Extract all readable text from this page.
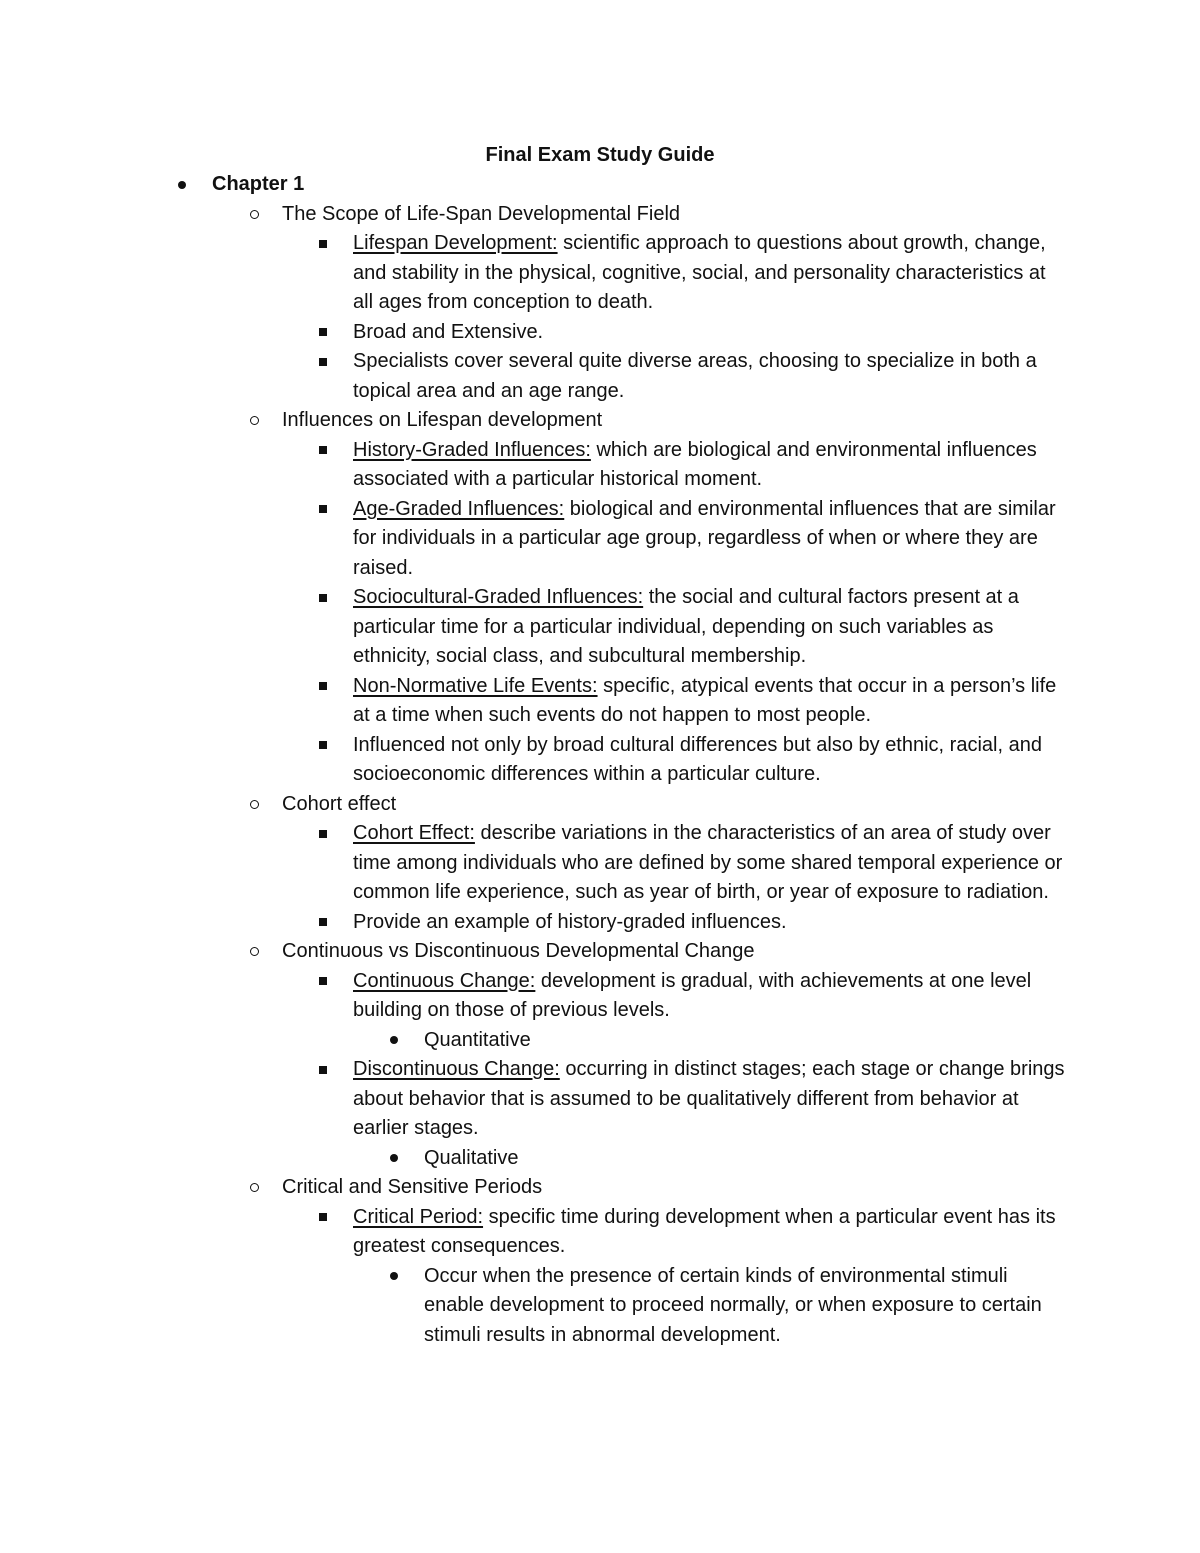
Final Exam Study Guide
Chapter 1
The Scope of Life-Span Developmental Field
Lifespan Development: scientific approach to questions about growth, change, and stability in the physical, cognitive, social, and personality characteristics at all ages from conception to death.
Broad and Extensive.
Specialists cover several quite diverse areas, choosing to specialize in both a topical area and an age range.
Influences on Lifespan development
History-Graded Influences: which are biological and environmental influences associated with a particular historical moment.
Age-Graded Influences: biological and environmental influences that are similar for individuals in a particular age group, regardless of when or where they are raised.
Sociocultural-Graded Influences: the social and cultural factors present at a particular time for a particular individual, depending on such variables as ethnicity, social class, and subcultural membership.
Non-Normative Life Events: specific, atypical events that occur in a person’s life at a time when such events do not happen to most people.
Influenced not only by broad cultural differences but also by ethnic, racial, and socioeconomic differences within a particular culture.
Cohort effect
Cohort Effect: describe variations in the characteristics of an area of study over time among individuals who are defined by some shared temporal experience or common life experience, such as year of birth, or year of exposure to radiation.
Provide an example of history-graded influences.
Continuous vs Discontinuous Developmental Change
Continuous Change: development is gradual, with achievements at one level building on those of previous levels.
Quantitative
Discontinuous Change: occurring in distinct stages; each stage or change brings about behavior that is assumed to be qualitatively different from behavior at earlier stages.
Qualitative
Critical and Sensitive Periods
Critical Period: specific time during development when a particular event has its greatest consequences.
Occur when the presence of certain kinds of environmental stimuli enable development to proceed normally, or when exposure to certain stimuli results in abnormal development.
